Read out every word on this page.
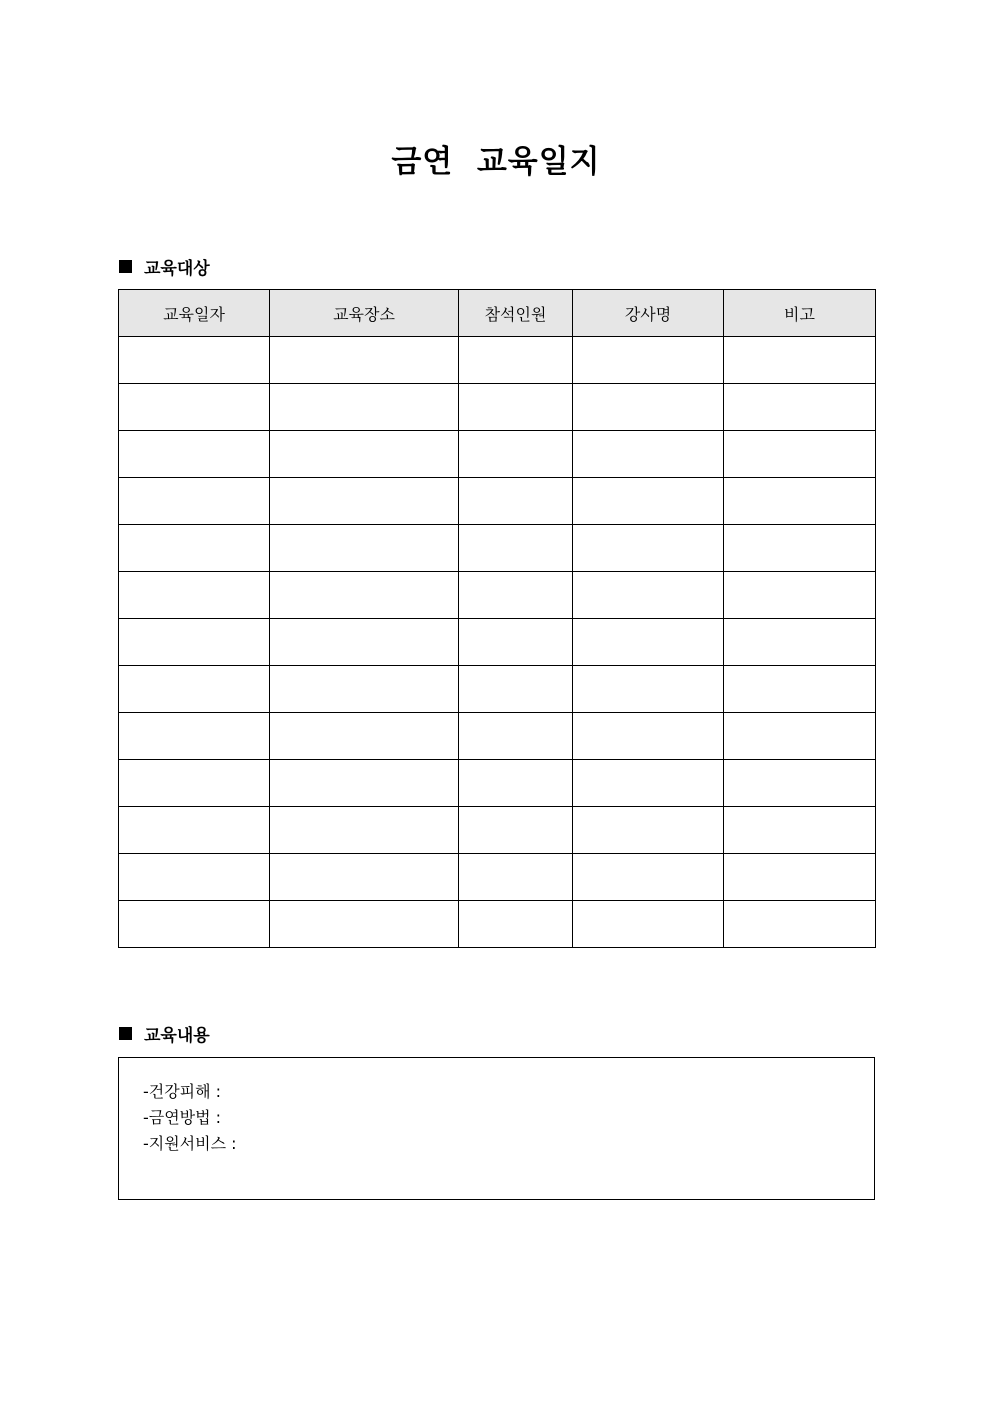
금연  교육일지
교육대상
교육일자	교육장소	참석인원	강사명	비고

교육내용
-건강피해 :
-금연방법 :
-지원서비스 :
